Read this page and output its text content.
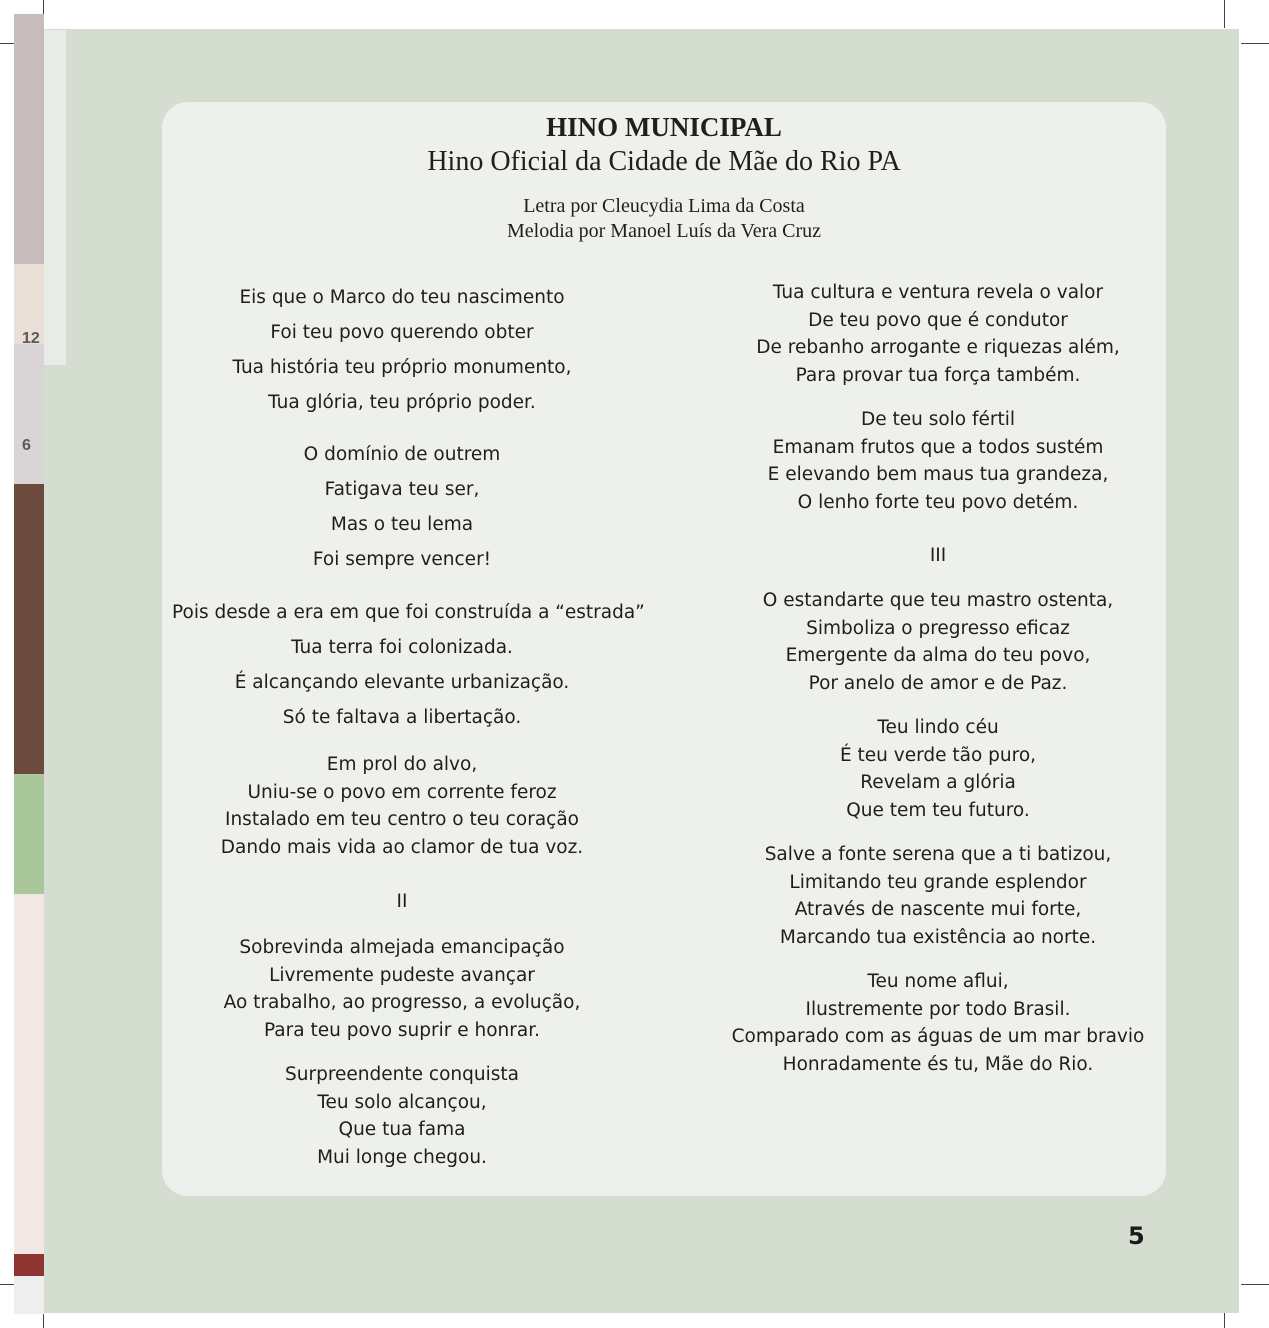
12
6
HINO MUNICIPAL
Hino Oficial da Cidade de Mãe do Rio PA
Letra por Cleucydia Lima da Costa
Melodia por Manoel Luís da Vera Cruz
Eis que o Marco do teu nascimento
Foi teu povo querendo obter
Tua história teu próprio monumento,
Tua glória, teu próprio poder.
O domínio de outrem
Fatigava teu ser,
Mas o teu lema
Foi sempre vencer!
Pois desde a era em que foi construída a “estrada”
Tua terra foi colonizada.
É alcançando elevante urbanização.
Só te faltava a libertação.
Em prol do alvo,
Uniu-se o povo em corrente feroz
Instalado em teu centro o teu coração
Dando mais vida ao clamor de tua voz.
II
Sobrevinda almejada emancipação
Livremente pudeste avançar
Ao trabalho, ao progresso, a evolução,
Para teu povo suprir e honrar.
Surpreendente conquista
Teu solo alcançou,
Que tua fama
Mui longe chegou.
Tua cultura e ventura revela o valor
De teu povo que é condutor
De rebanho arrogante e riquezas além,
Para provar tua força também.
De teu solo fértil
Emanam frutos que a todos sustém
E elevando bem maus tua grandeza,
O lenho forte teu povo detém.
III
O estandarte que teu mastro ostenta,
Simboliza o pregresso eficaz
Emergente da alma do teu povo,
Por anelo de amor e de Paz.
Teu lindo céu
É teu verde tão puro,
Revelam a glória
Que tem teu futuro.
Salve a fonte serena que a ti batizou,
Limitando teu grande esplendor
Através de nascente mui forte,
Marcando tua existência ao norte.
Teu nome aflui,
Ilustremente por todo Brasil.
Comparado com as águas de um mar bravio
Honradamente és tu, Mãe do Rio.
5
